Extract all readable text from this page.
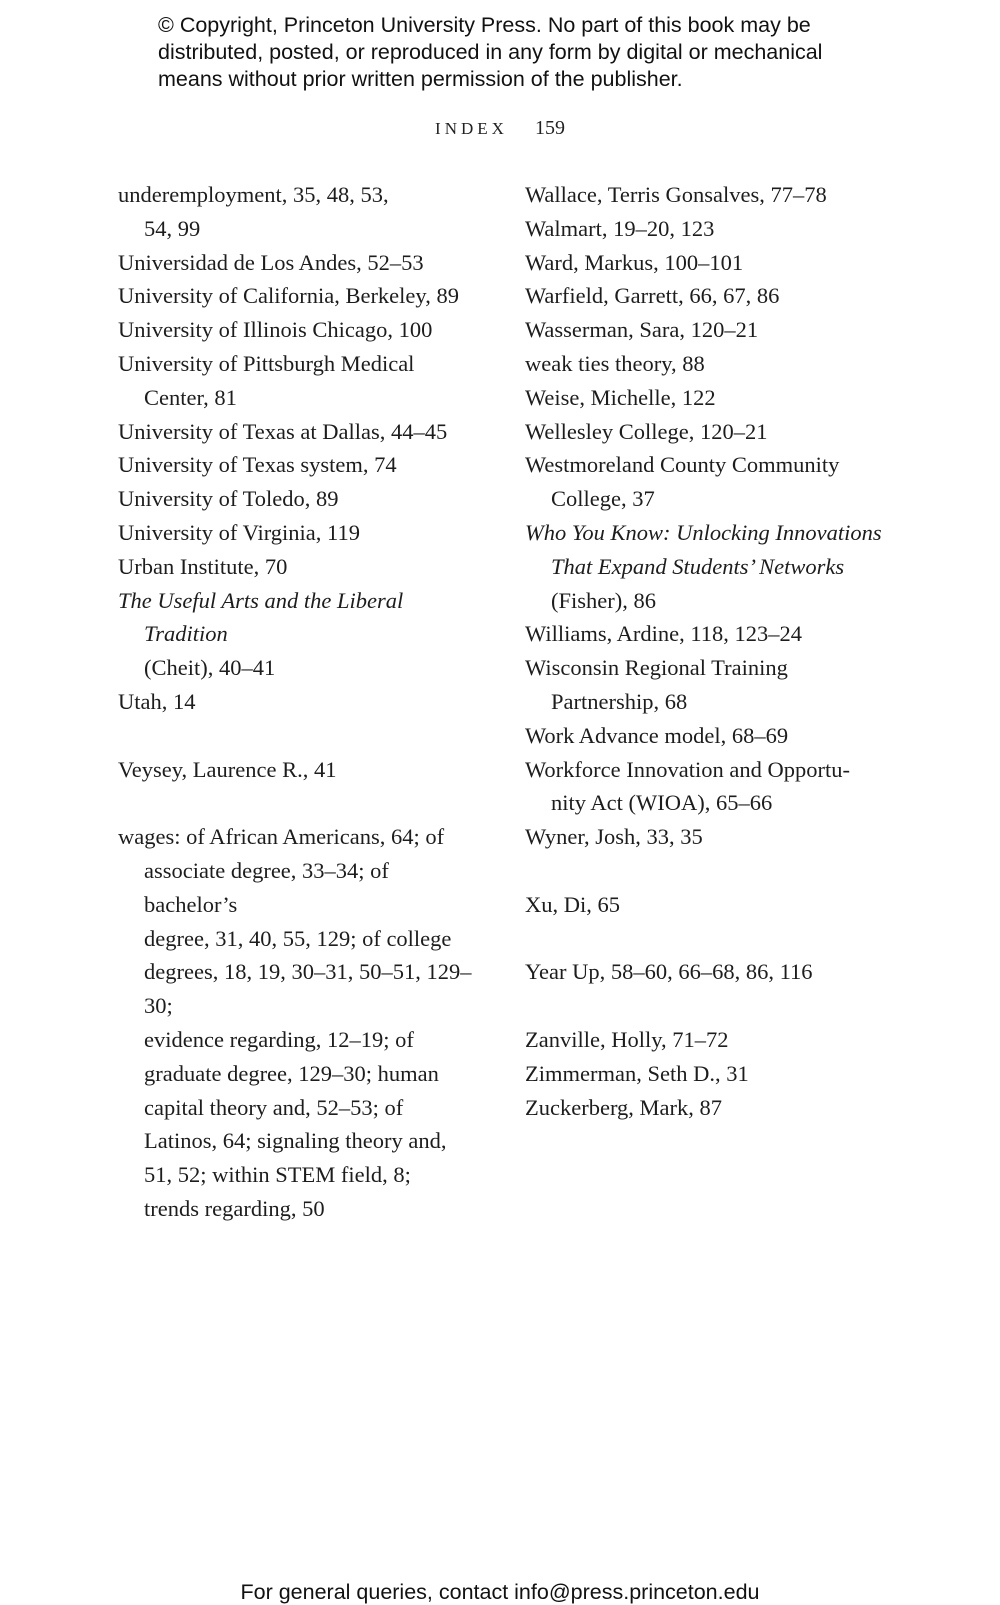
© Copyright, Princeton University Press. No part of this book may be
distributed, posted, or reproduced in any form by digital or mechanical
means without prior written permission of the publisher.
INDEX 159
underemployment, 35, 48, 53,
54, 99
Universidad de Los Andes, 52–53
University of California, Berkeley, 89
University of Illinois Chicago, 100
University of Pittsburgh Medical
Center, 81
University of Texas at Dallas, 44–45
University of Texas system, 74
University of Toledo, 89
University of Virginia, 119
Urban Institute, 70
The Useful Arts and the Liberal Tradition
(Cheit), 40–41
Utah, 14
Veysey, Laurence R., 41
wages: of African Americans, 64; of
associate degree, 33–34; of bachelor’s
degree, 31, 40, 55, 129; of college
degrees, 18, 19, 30–31, 50–51, 129–30;
evidence regarding, 12–19; of
graduate degree, 129–30; human
capital theory and, 52–53; of
Latinos, 64; signaling theory and,
51, 52; within STEM field, 8;
trends regarding, 50
Wallace, Terris Gonsalves, 77–78
Walmart, 19–20, 123
Ward, Markus, 100–101
Warfield, Garrett, 66, 67, 86
Wasserman, Sara, 120–21
weak ties theory, 88
Weise, Michelle, 122
Wellesley College, 120–21
Westmoreland County Community
College, 37
Who You Know: Unlocking Innovations
That Expand Students’ Networks
(Fisher), 86
Williams, Ardine, 118, 123–24
Wisconsin Regional Training
Partnership, 68
Work Advance model, 68–69
Workforce Innovation and Opportu-
nity Act (WIOA), 65–66
Wyner, Josh, 33, 35
Xu, Di, 65
Year Up, 58–60, 66–68, 86, 116
Zanville, Holly, 71–72
Zimmerman, Seth D., 31
Zuckerberg, Mark, 87
For general queries, contact info@press.princeton.edu
